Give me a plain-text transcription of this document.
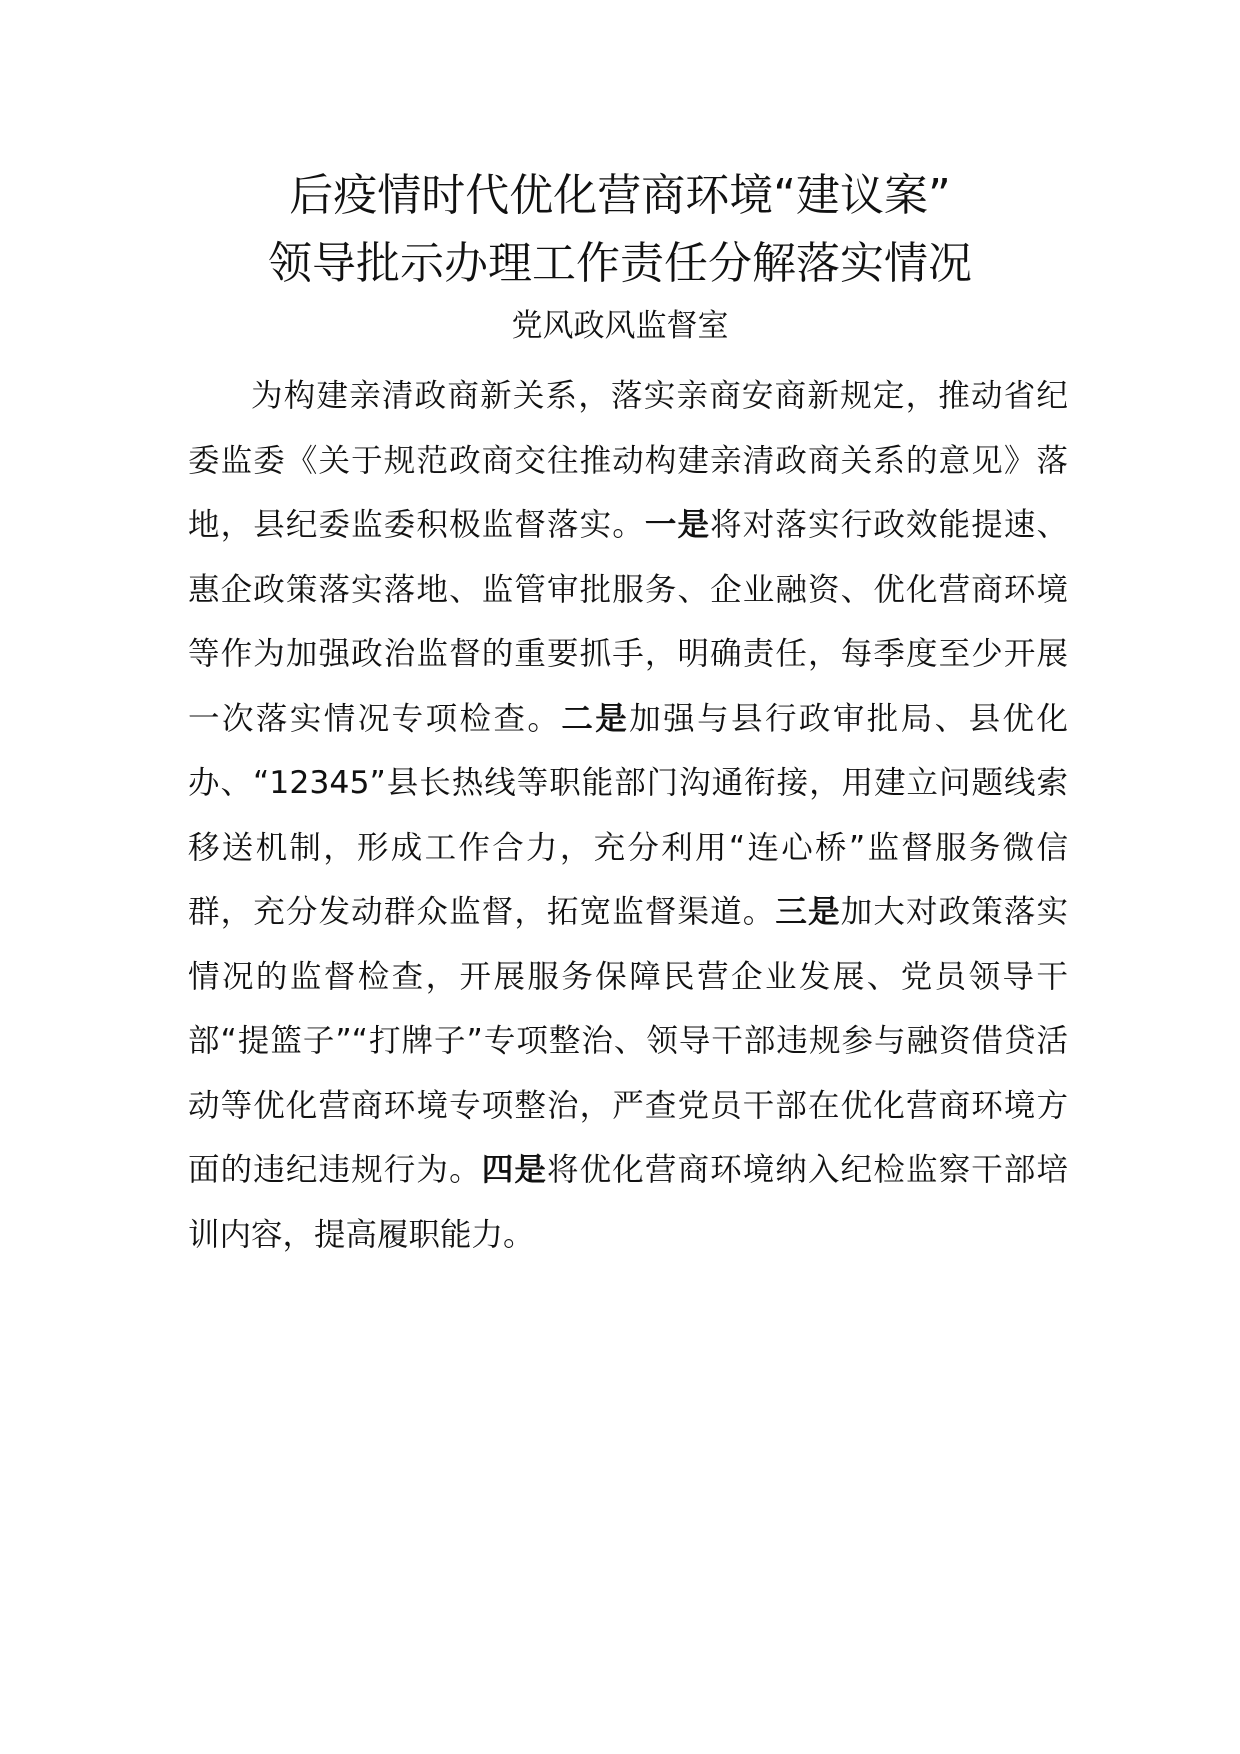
后疫情时代优化营商环境“建议案”
领导批示办理工作责任分解落实情况
党风政风监督室

为构建亲清政商新关系，落实亲商安商新规定，推动省纪委监委《关于规范政商交往推动构建亲清政商关系的意见》落地，县纪委监委积极监督落实。一是将对落实行政效能提速、惠企政策落实落地、监管审批服务、企业融资、优化营商环境等作为加强政治监督的重要抓手，明确责任，每季度至少开展一次落实情况专项检查。二是加强与县行政审批局、县优化办、“12345”县长热线等职能部门沟通衔接，用建立问题线索移送机制，形成工作合力，充分利用“连心桥”监督服务微信群，充分发动群众监督，拓宽监督渠道。三是加大对政策落实情况的监督检查，开展服务保障民营企业发展、党员领导干部“提篮子”“打牌子”专项整治、领导干部违规参与融资借贷活动等优化营商环境专项整治，严查党员干部在优化营商环境方面的违纪违规行为。四是将优化营商环境纳入纪检监察干部培训内容，提高履职能力。
